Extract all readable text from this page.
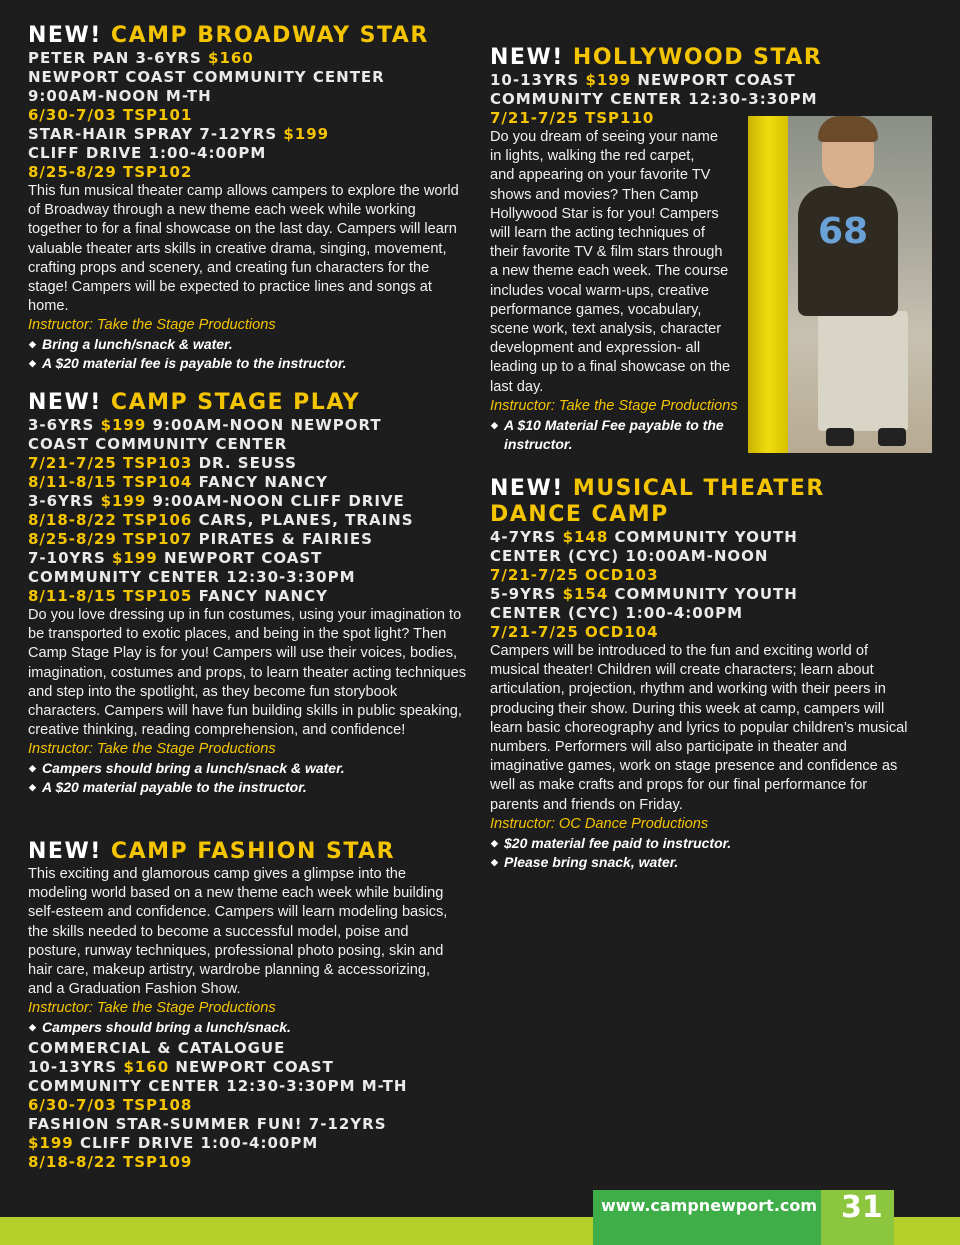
NEW! CAMP BROADWAY STAR
PETER PAN 3-6YRS $160
NEWPORT COAST COMMUNITY CENTER
9:00AM-NOON M-TH
6/30-7/03 TSP101
STAR-HAIR SPRAY 7-12YRS $199
CLIFF DRIVE 1:00-4:00PM
8/25-8/29 TSP102
This fun musical theater camp allows campers to explore the world of Broadway through a new theme each week while working together to for a final showcase on the last day. Campers will learn valuable theater arts skills in creative drama, singing, movement, crafting props and scenery, and creating fun characters for the stage! Campers will be expected to practice lines and songs at home.
Instructor: Take the Stage Productions
◆ Bring a lunch/snack & water.
◆ A $20 material fee is payable to the instructor.
NEW! CAMP STAGE PLAY
3-6YRS $199 9:00AM-NOON NEWPORT
COAST COMMUNITY CENTER
7/21-7/25 TSP103 DR. SEUSS
8/11-8/15 TSP104 FANCY NANCY
3-6YRS $199 9:00AM-NOON CLIFF DRIVE
8/18-8/22 TSP106 CARS, PLANES, TRAINS
8/25-8/29 TSP107 PIRATES & FAIRIES
7-10YRS $199 NEWPORT COAST
COMMUNITY CENTER 12:30-3:30PM
8/11-8/15 TSP105 FANCY NANCY
Do you love dressing up in fun costumes, using your imagination to be transported to exotic places, and being in the spot light? Then Camp Stage Play is for you! Campers will use their voices, bodies, imagination, costumes and props, to learn theater acting techniques and step into the spotlight, as they become fun storybook characters. Campers will have fun building skills in public speaking, creative thinking, reading comprehension, and confidence!
Instructor: Take the Stage Productions
◆ Campers should bring a lunch/snack & water.
◆ A $20 material payable to the instructor.
NEW! CAMP FASHION STAR
This exciting and glamorous camp gives a glimpse into the modeling world based on a new theme each week while building self-esteem and confidence. Campers will learn modeling basics, the skills needed to become a successful model, poise and posture, runway techniques, professional photo posing, skin and hair care, makeup artistry, wardrobe planning & accessorizing, and a Graduation Fashion Show.
Instructor: Take the Stage Productions
◆ Campers should bring a lunch/snack.
COMMERCIAL & CATALOGUE
10-13YRS $160 NEWPORT COAST
COMMUNITY CENTER 12:30-3:30PM M-TH
6/30-7/03 TSP108
FASHION STAR-SUMMER FUN! 7-12YRS
$199 CLIFF DRIVE 1:00-4:00PM
8/18-8/22 TSP109
NEW! HOLLYWOOD STAR
10-13YRS $199 NEWPORT COAST
COMMUNITY CENTER 12:30-3:30PM
7/21-7/25 TSP110
Do you dream of seeing your name
in lights, walking the red carpet,
and appearing on your favorite TV
shows and movies? Then Camp
Hollywood Star is for you! Campers
will learn the acting techniques of
their favorite TV & film stars through
a new theme each week. The course
includes vocal warm-ups, creative
performance games, vocabulary,
scene work, text analysis, character
development and expression- all
leading up to a final showcase on the
last day.
Instructor: Take the Stage Productions
◆ A $10 Material Fee payable to the
instructor.
NEW! MUSICAL THEATER
DANCE CAMP
4-7YRS $148 COMMUNITY YOUTH
CENTER (CYC) 10:00AM-NOON
7/21-7/25 OCD103
5-9YRS $154 COMMUNITY YOUTH
CENTER (CYC) 1:00-4:00PM
7/21-7/25 OCD104
Campers will be introduced to the fun and exciting world of musical theater! Children will create characters; learn about articulation, projection, rhythm and working with their peers in producing their show. During this week at camp, campers will learn basic choreography and lyrics to popular children’s musical numbers. Performers will also participate in theater and imaginative games, work on stage presence and confidence as well as make crafts and props for our final performance for parents and friends on Friday.
Instructor: OC Dance Productions
◆ $20 material fee paid to instructor.
◆ Please bring snack, water.
68
www.campnewport.com 31
